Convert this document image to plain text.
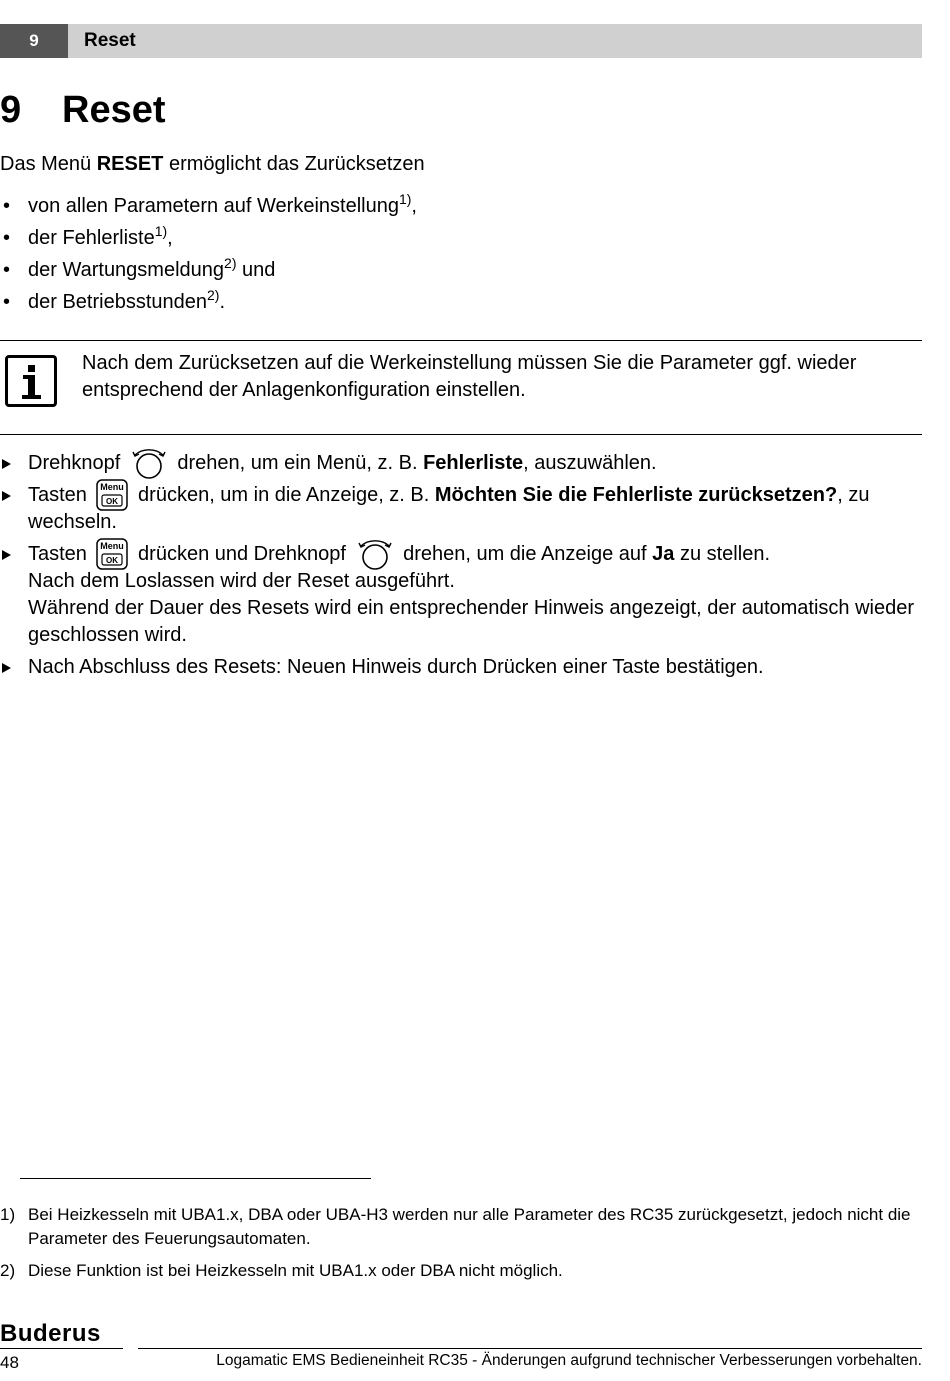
9	Reset
9 Reset
Das Menü RESET ermöglicht das Zurücksetzen
• von allen Parametern auf Werkeinstellung$^{1)}$,
• der Fehlerliste$^{1)}$,
• der Wartungsmeldung$^{2)}$ und
• der Betriebsstunden$^{2)}$.
Nach dem Zurücksetzen auf die Werkeinstellung müssen Sie die Parameter ggf. wieder entsprechend der Anlagenkonfiguration einstellen.
Drehknopf  drehen, um ein Menü, z. B. Fehlerliste, auszuwählen.
Tasten Menu
OK drücken, um in die Anzeige, z. B. Möchten Sie die Fehlerliste zurücksetzen?, zu wechseln.
Tasten Menu
OK drücken und Drehknopf  drehen, um die Anzeige auf Ja zu stellen.
Nach dem Loslassen wird der Reset ausgeführt.
Während der Dauer des Resets wird ein entsprechender Hinweis angezeigt, der automatisch wieder geschlossen wird.
Nach Abschluss des Resets: Neuen Hinweis durch Drücken einer Taste bestätigen.
1) Bei Heizkesseln mit UBA1.x, DBA oder UBA-H3 werden nur alle Parameter des RC35 zurückgesetzt, jedoch nicht die Parameter des Feuerungsautomaten.
2) Diese Funktion ist bei Heizkesseln mit UBA1.x oder DBA nicht möglich.
Buderus
48	Logamatic EMS Bedieneinheit RC35 - Änderungen aufgrund technischer Verbesserungen vorbehalten.
